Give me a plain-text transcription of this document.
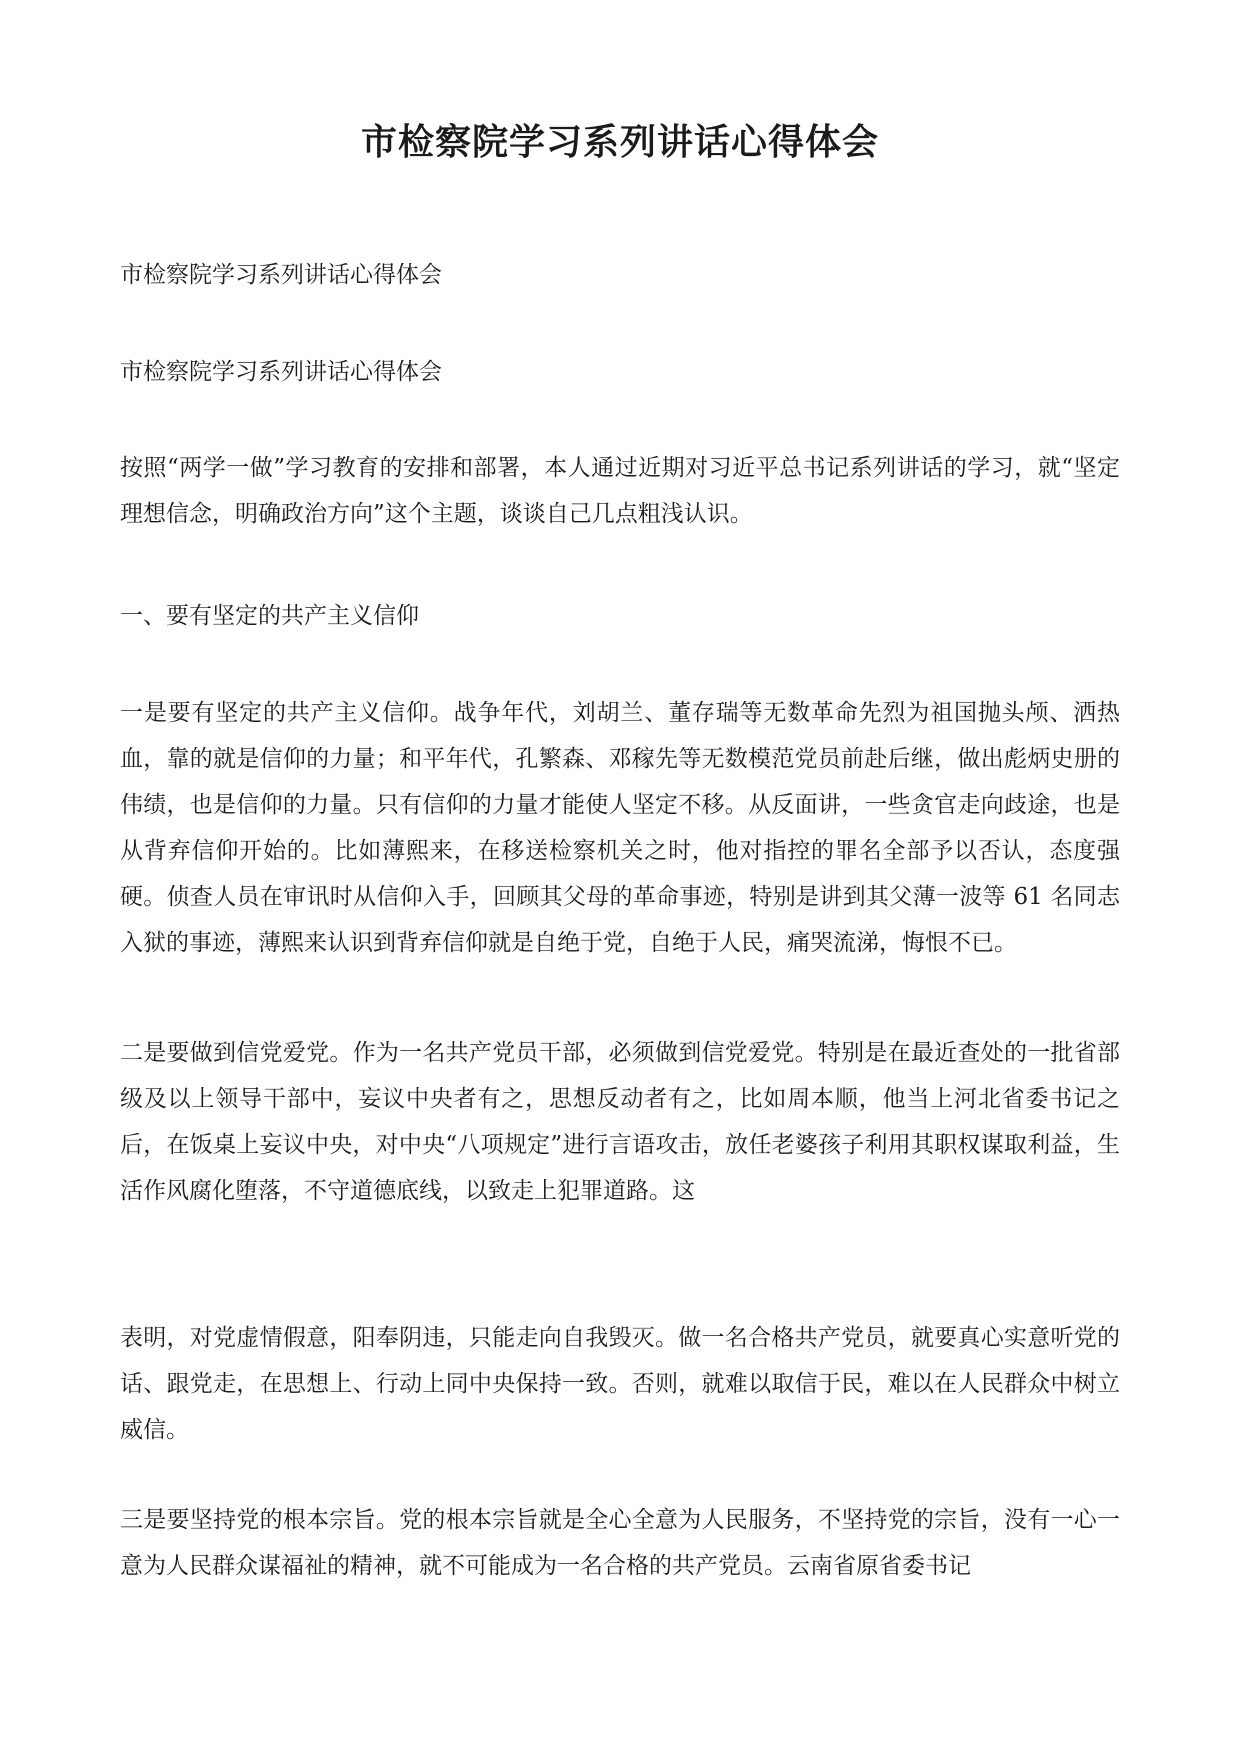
市检察院学习系列讲话心得体会
市检察院学习系列讲话心得体会
市检察院学习系列讲话心得体会
按照“两学一做”学习教育的安排和部署，本人通过近期对习近平总书记系列讲话的学习，就“坚定理想信念，明确政治方向”这个主题，谈谈自己几点粗浅认识。
一、要有坚定的共产主义信仰
一是要有坚定的共产主义信仰。战争年代，刘胡兰、董存瑞等无数革命先烈为祖国抛头颅、洒热血，靠的就是信仰的力量；和平年代，孔繁森、邓稼先等无数模范党员前赴后继，做出彪炳史册的伟绩，也是信仰的力量。只有信仰的力量才能使人坚定不移。从反面讲，一些贪官走向歧途，也是从背弃信仰开始的。比如薄熙来，在移送检察机关之时，他对指控的罪名全部予以否认，态度强硬。侦查人员在审讯时从信仰入手，回顾其父母的革命事迹，特别是讲到其父薄一波等 61 名同志入狱的事迹，薄熙来认识到背弃信仰就是自绝于党，自绝于人民，痛哭流涕，悔恨不已。
二是要做到信党爱党。作为一名共产党员干部，必须做到信党爱党。特别是在最近查处的一批省部级及以上领导干部中，妄议中央者有之，思想反动者有之，比如周本顺，他当上河北省委书记之后，在饭桌上妄议中央，对中央“八项规定”进行言语攻击，放任老婆孩子利用其职权谋取利益，生活作风腐化堕落，不守道德底线，以致走上犯罪道路。这
表明，对党虚情假意，阳奉阴违，只能走向自我毁灭。做一名合格共产党员，就要真心实意听党的话、跟党走，在思想上、行动上同中央保持一致。否则，就难以取信于民，难以在人民群众中树立威信。
三是要坚持党的根本宗旨。党的根本宗旨就是全心全意为人民服务，不坚持党的宗旨，没有一心一意为人民群众谋福祉的精神，就不可能成为一名合格的共产党员。云南省原省委书记
